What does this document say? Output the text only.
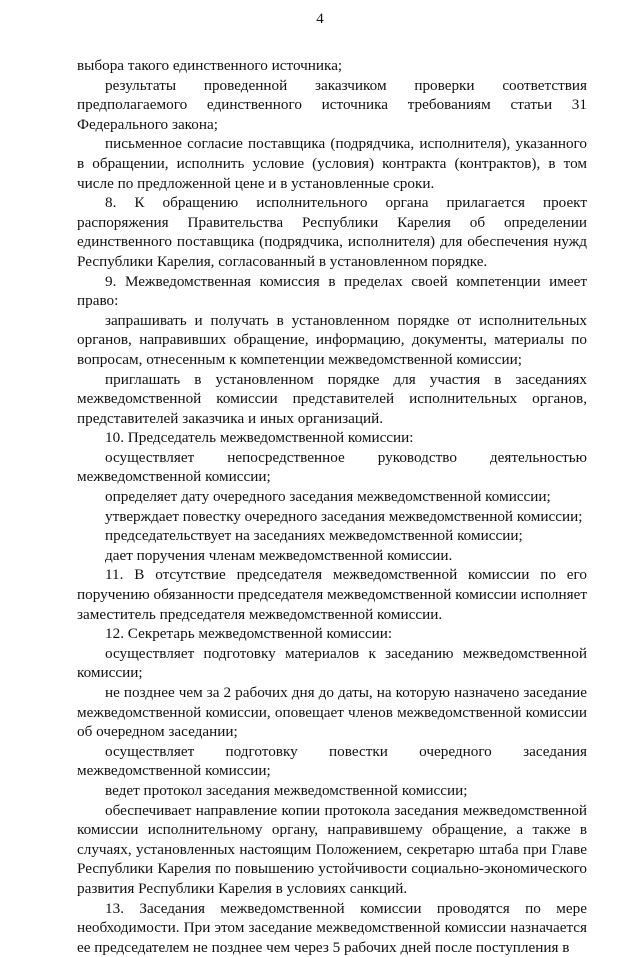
4

выбора такого единственного источника;

результаты проведенной заказчиком проверки соответствия предполагаемого единственного источника требованиям статьи 31 Федерального закона;

письменное согласие поставщика (подрядчика, исполнителя), указанного в обращении, исполнить условие (условия) контракта (контрактов), в том числе по предложенной цене и в установленные сроки.

8. К обращению исполнительного органа прилагается проект распоряжения Правительства Республики Карелия об определении единственного поставщика (подрядчика, исполнителя) для обеспечения нужд Республики Карелия, согласованный в установленном порядке.

9. Межведомственная комиссия в пределах своей компетенции имеет право:

запрашивать и получать в установленном порядке от исполнительных органов, направивших обращение, информацию, документы, материалы по вопросам, отнесенным к компетенции межведомственной комиссии;

приглашать в установленном порядке для участия в заседаниях межведомственной комиссии представителей исполнительных органов, представителей заказчика и иных организаций.

10. Председатель межведомственной комиссии:

осуществляет непосредственное руководство деятельностью межведомственной комиссии;

определяет дату очередного заседания межведомственной комиссии;

утверждает повестку очередного заседания межведомственной комиссии;

председательствует на заседаниях межведомственной комиссии;

дает поручения членам межведомственной комиссии.

11. В отсутствие председателя межведомственной комиссии по его поручению обязанности председателя межведомственной комиссии исполняет заместитель председателя межведомственной комиссии.

12. Секретарь межведомственной комиссии:

осуществляет подготовку материалов к заседанию межведомственной комиссии;

не позднее чем за 2 рабочих дня до даты, на которую назначено заседание межведомственной комиссии, оповещает членов межведомственной комиссии об очередном заседании;

осуществляет подготовку повестки очередного заседания межведомственной комиссии;

ведет протокол заседания межведомственной комиссии;

обеспечивает направление копии протокола заседания межведомственной комиссии исполнительному органу, направившему обращение, а также в случаях, установленных настоящим Положением, секретарю штаба при Главе Республики Карелия по повышению устойчивости социально-экономического развития Республики Карелия в условиях санкций.

13. Заседания межведомственной комиссии проводятся по мере необходимости. При этом заседание межведомственной комиссии назначается ее председателем не позднее чем через 5 рабочих дней после поступления в
